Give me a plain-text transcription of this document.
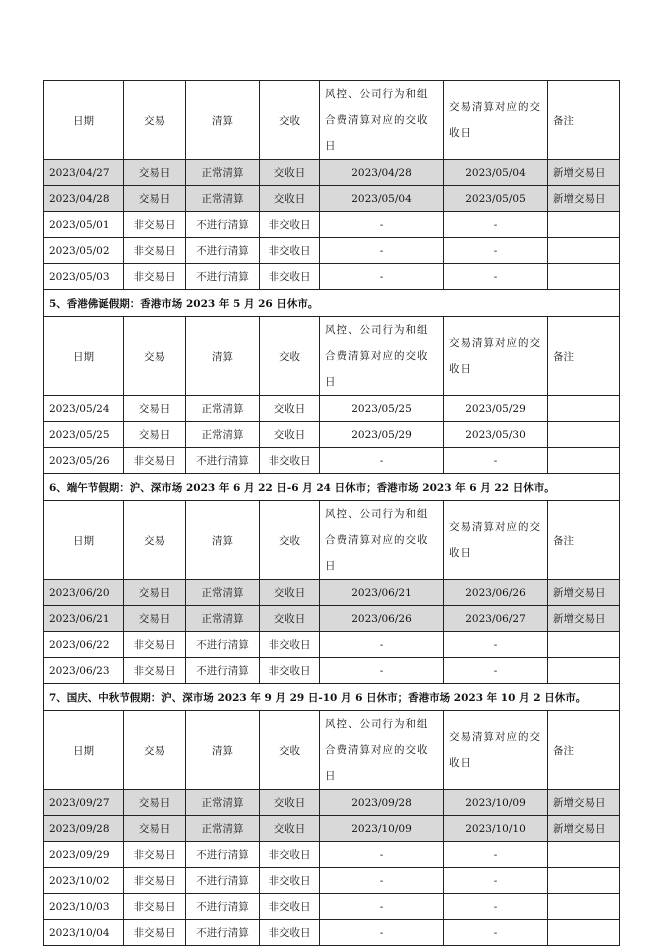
日期	交易	清算	交收	风控、公司行为和组合费清算对应的交收日	交易清算对应的交收日	备注
2023/04/27	交易日	正常清算	交收日	2023/04/28	2023/05/04	新增交易日
2023/04/28	交易日	正常清算	交收日	2023/05/04	2023/05/05	新增交易日
2023/05/01	非交易日	不进行清算	非交收日	-	-	
2023/05/02	非交易日	不进行清算	非交收日	-	-	
2023/05/03	非交易日	不进行清算	非交收日	-	-	
5、香港佛诞假期：香港市场 2023 年 5 月 26 日休市。						
日期	交易	清算	交收	风控、公司行为和组合费清算对应的交收日	交易清算对应的交收日	备注
2023/05/24	交易日	正常清算	交收日	2023/05/25	2023/05/29	
2023/05/25	交易日	正常清算	交收日	2023/05/29	2023/05/30	
2023/05/26	非交易日	不进行清算	非交收日	-	-	
6、端午节假期：沪、深市场 2023 年 6 月 22 日-6 月 24 日休市；香港市场 2023 年 6 月 22 日休市。						
日期	交易	清算	交收	风控、公司行为和组合费清算对应的交收日	交易清算对应的交收日	备注
2023/06/20	交易日	正常清算	交收日	2023/06/21	2023/06/26	新增交易日
2023/06/21	交易日	正常清算	交收日	2023/06/26	2023/06/27	新增交易日
2023/06/22	非交易日	不进行清算	非交收日	-	-	
2023/06/23	非交易日	不进行清算	非交收日	-	-	
7、国庆、中秋节假期：沪、深市场 2023 年 9 月 29 日-10 月 6 日休市；香港市场 2023 年 10 月 2 日休市。						
日期	交易	清算	交收	风控、公司行为和组合费清算对应的交收日	交易清算对应的交收日	备注
2023/09/27	交易日	正常清算	交收日	2023/09/28	2023/10/09	新增交易日
2023/09/28	交易日	正常清算	交收日	2023/10/09	2023/10/10	新增交易日
2023/09/29	非交易日	不进行清算	非交收日	-	-	
2023/10/02	非交易日	不进行清算	非交收日	-	-	
2023/10/03	非交易日	不进行清算	非交收日	-	-	
2023/10/04	非交易日	不进行清算	非交收日	-	-	
